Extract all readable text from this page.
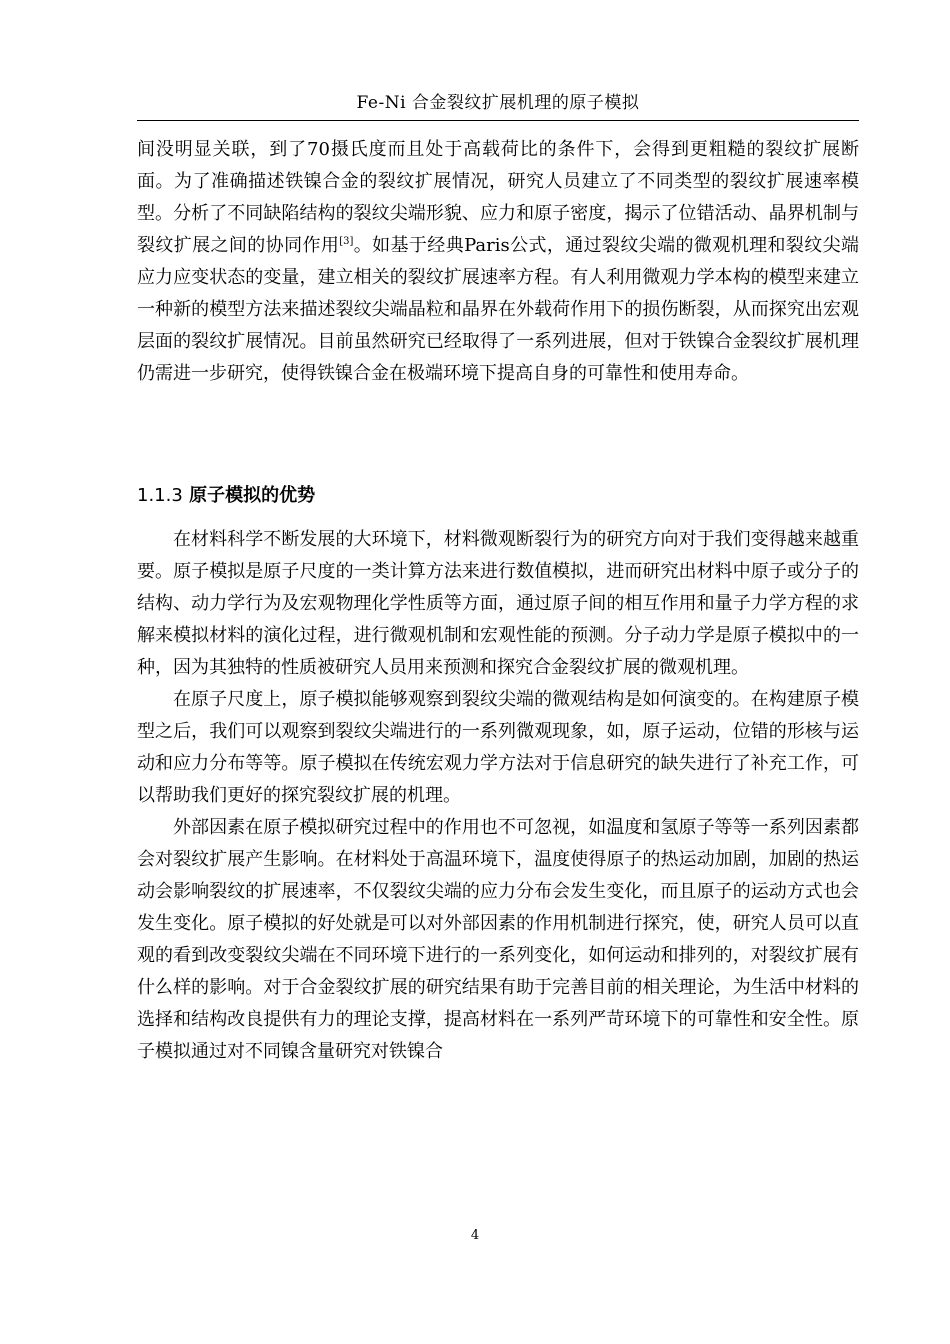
Fe-Ni 合金裂纹扩展机理的原子模拟

间没明显关联，到了70摄氏度而且处于高载荷比的条件下，会得到更粗糙的裂纹扩展断面。为了准确描述铁镍合金的裂纹扩展情况，研究人员建立了不同类型的裂纹扩展速率模型。分析了不同缺陷结构的裂纹尖端形貌、应力和原子密度，揭示了位错活动、晶界机制与裂纹扩展之间的协同作用[3]。如基于经典Paris公式，通过裂纹尖端的微观机理和裂纹尖端应力应变状态的变量，建立相关的裂纹扩展速率方程。有人利用微观力学本构的模型来建立一种新的模型方法来描述裂纹尖端晶粒和晶界在外载荷作用下的损伤断裂，从而探究出宏观层面的裂纹扩展情况。目前虽然研究已经取得了一系列进展，但对于铁镍合金裂纹扩展机理仍需进一步研究，使得铁镍合金在极端环境下提高自身的可靠性和使用寿命。

1.1.3 原子模拟的优势

在材料科学不断发展的大环境下，材料微观断裂行为的研究方向对于我们变得越来越重要。原子模拟是原子尺度的一类计算方法来进行数值模拟，进而研究出材料中原子或分子的结构、动力学行为及宏观物理化学性质等方面，通过原子间的相互作用和量子力学方程的求解来模拟材料的演化过程，进行微观机制和宏观性能的预测。分子动力学是原子模拟中的一种，因为其独特的性质被研究人员用来预测和探究合金裂纹扩展的微观机理。

在原子尺度上，原子模拟能够观察到裂纹尖端的微观结构是如何演变的。在构建原子模型之后，我们可以观察到裂纹尖端进行的一系列微观现象，如，原子运动，位错的形核与运动和应力分布等等。原子模拟在传统宏观力学方法对于信息研究的缺失进行了补充工作，可以帮助我们更好的探究裂纹扩展的机理。

外部因素在原子模拟研究过程中的作用也不可忽视，如温度和氢原子等等一系列因素都会对裂纹扩展产生影响。在材料处于高温环境下，温度使得原子的热运动加剧，加剧的热运动会影响裂纹的扩展速率，不仅裂纹尖端的应力分布会发生变化，而且原子的运动方式也会发生变化。原子模拟的好处就是可以对外部因素的作用机制进行探究，使，研究人员可以直观的看到改变裂纹尖端在不同环境下进行的一系列变化，如何运动和排列的，对裂纹扩展有什么样的影响。对于合金裂纹扩展的研究结果有助于完善目前的相关理论，为生活中材料的选择和结构改良提供有力的理论支撑，提高材料在一系列严苛环境下的可靠性和安全性。原子模拟通过对不同镍含量研究对铁镍合

4
